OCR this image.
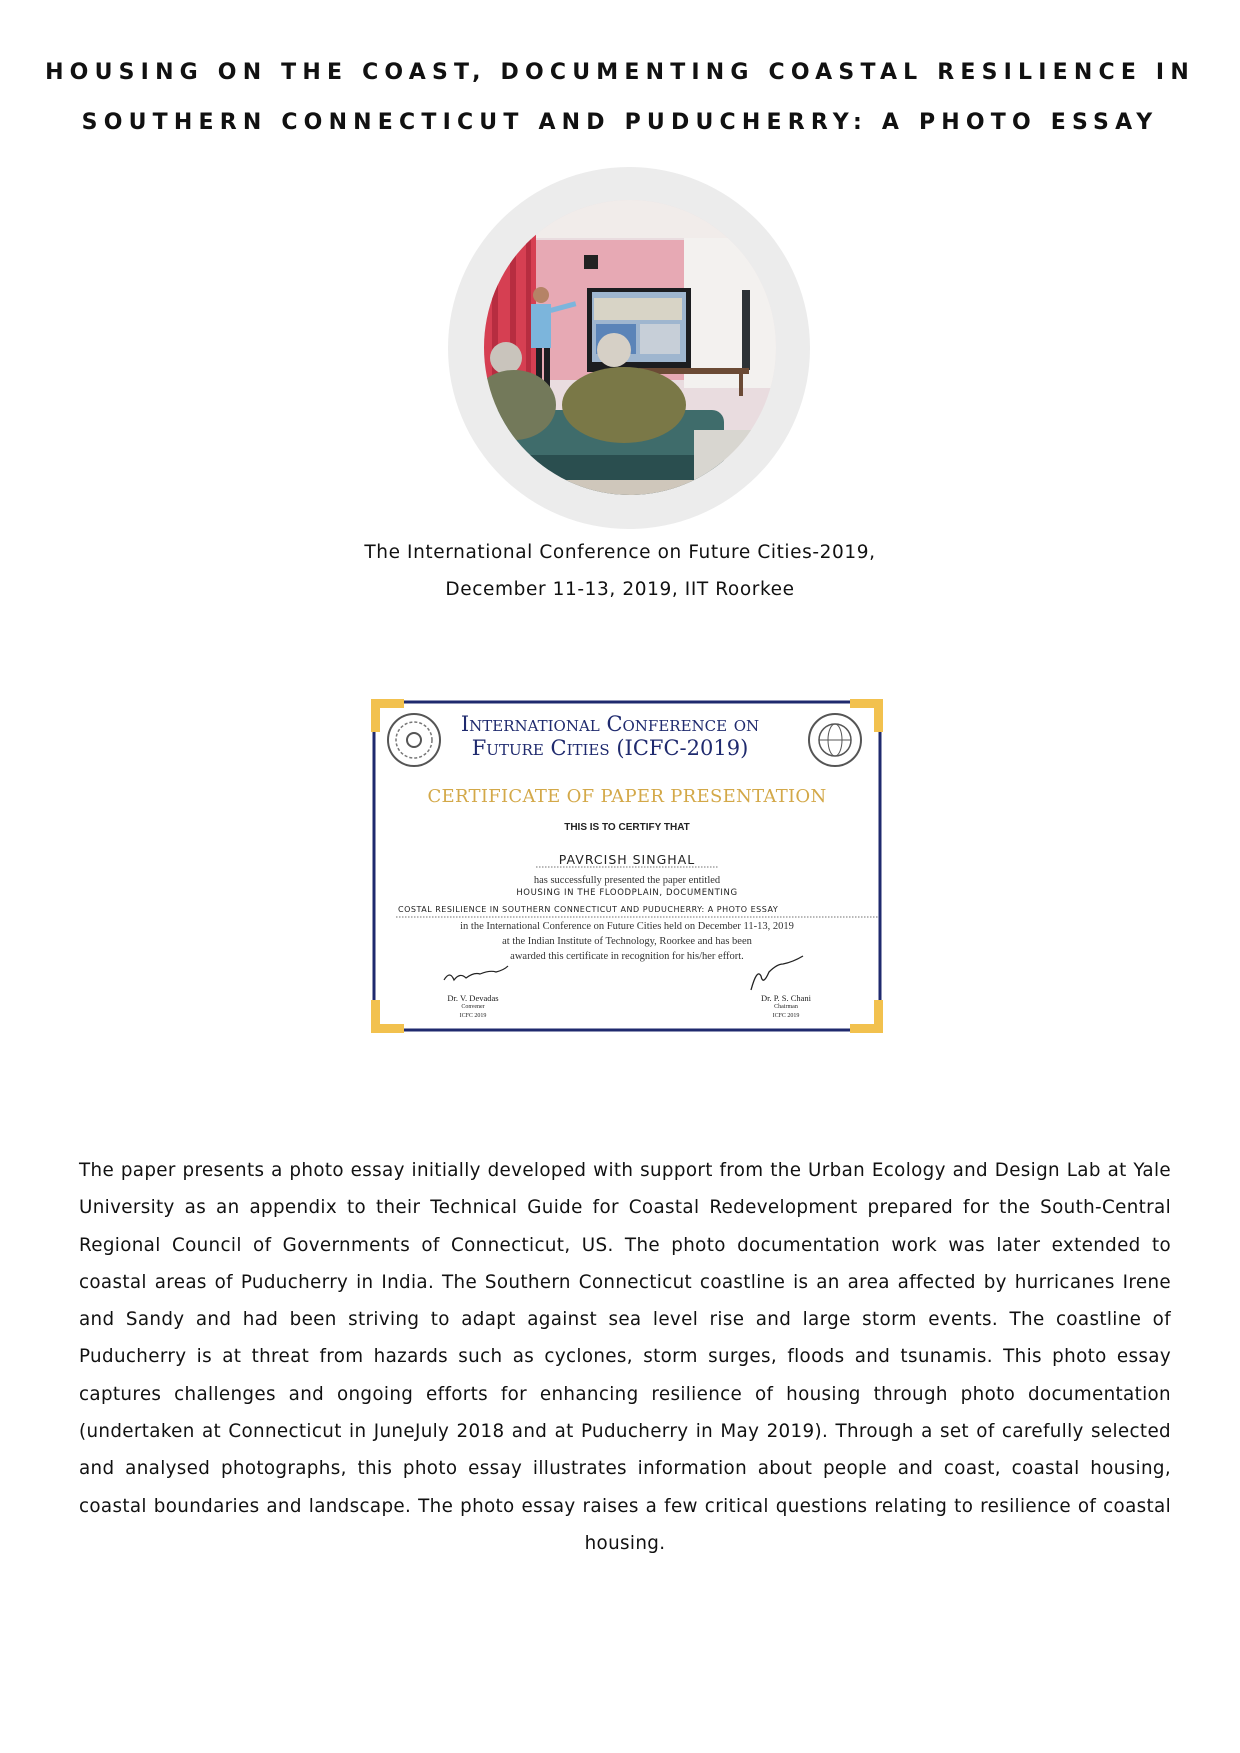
HOUSING ON THE COAST, DOCUMENTING COASTAL RESILIENCE IN
SOUTHERN CONNECTICUT AND PUDUCHERRY: A PHOTO ESSAY
The International Conference on Future Cities-2019,
December 11-13, 2019, IIT Roorkee
International Conference on Future Cities (ICFC-2019)
CERTIFICATE OF PAPER PRESENTATION
THIS IS TO CERTIFY THAT
PAVRCISH SINGHAL
has successfully presented the paper entitled
HOUSING IN THE FLOODPLAIN, DOCUMENTING
COSTAL RESILIENCE IN SOUTHERN CONNECTICUT AND PUDUCHERRY: A PHOTO ESSAY
in the International Conference on Future Cities held on December 11-13, 2019
at the Indian Institute of Technology, Roorkee and has been
awarded this certificate in recognition for his/her effort.
Dr. V. Devadas
Convener
ICFC 2019
Dr. P. S. Chani
Chairman
ICFC 2019
The paper presents a photo essay initially developed with support from the Urban Ecology and Design Lab at Yale University as an appendix to their Technical Guide for Coastal Redevelopment prepared for the South-Central Regional Council of Governments of Connecticut, US. The photo documentation work was later extended to coastal areas of Puducherry in India. The Southern Connecticut coastline is an area affected by hurricanes Irene and Sandy and had been striving to adapt against sea level rise and large storm events. The coastline of Puducherry is at threat from hazards such as cyclones, storm surges, floods and tsunamis. This photo essay captures challenges and ongoing efforts for enhancing resilience of housing through photo documentation (undertaken at Connecticut in JuneJuly 2018 and at Puducherry in May 2019). Through a set of carefully selected and analysed photographs, this photo essay illustrates information about people and coast, coastal housing, coastal boundaries and landscape. The photo essay raises a few critical questions relating to resilience of coastal housing.
